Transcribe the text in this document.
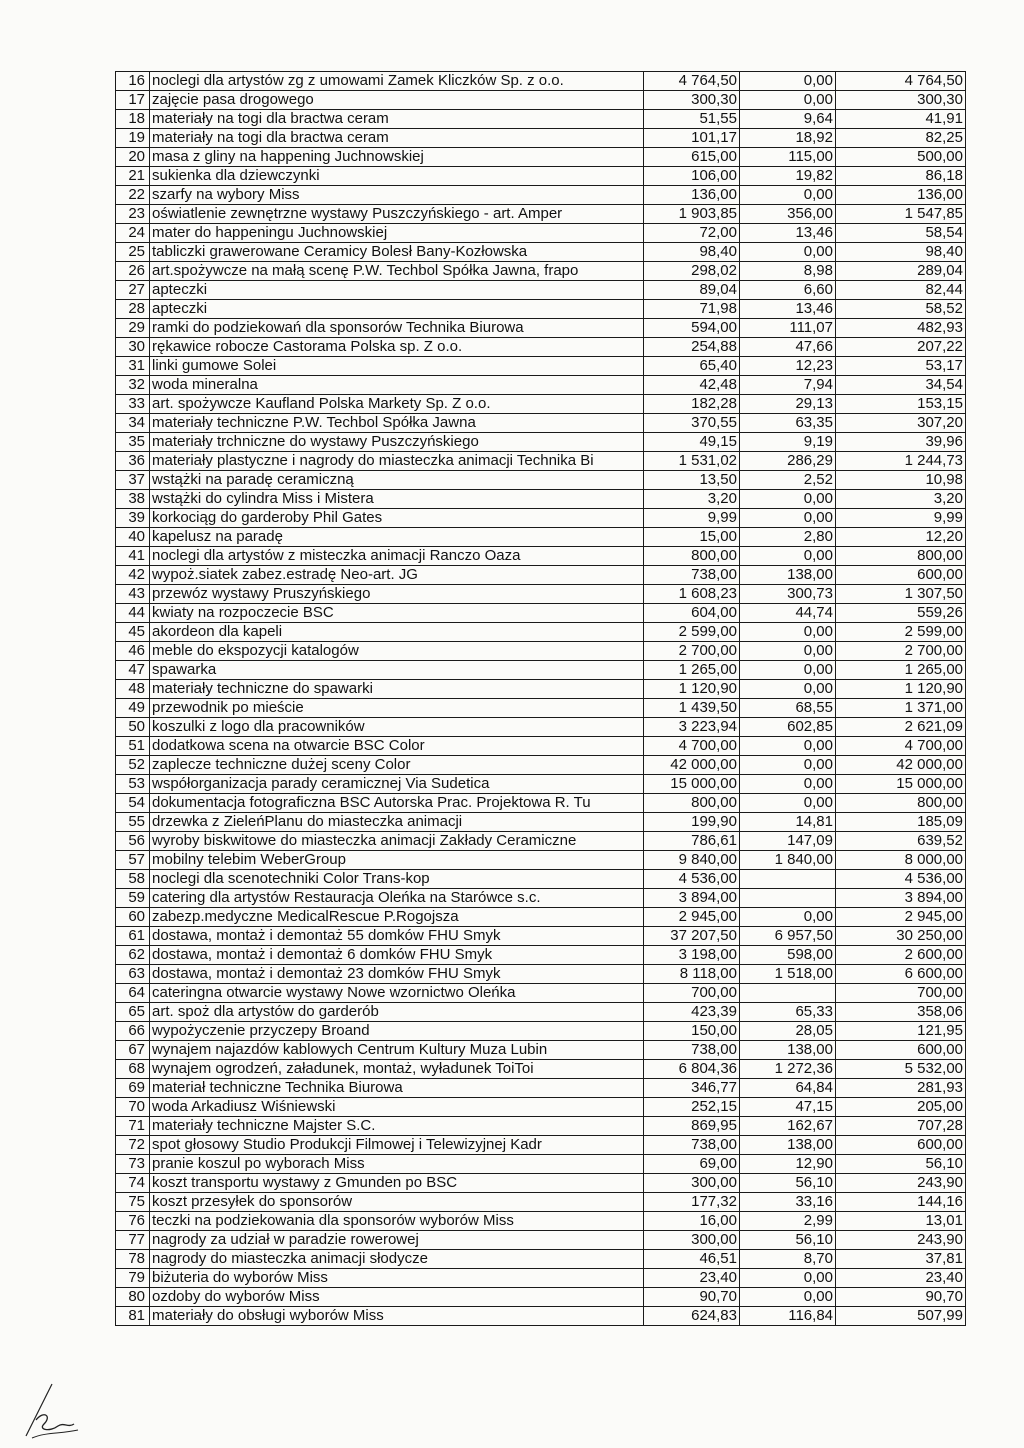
16	noclegi dla artystów zg z umowami Zamek Kliczków Sp. z o.o.	4 764,50	0,00	4 764,50
17	zajęcie pasa drogowego	300,30	0,00	300,30
18	materiały na togi dla bractwa ceram	51,55	9,64	41,91
19	materiały na togi dla bractwa ceram	101,17	18,92	82,25
20	masa z gliny na happening Juchnowskiej	615,00	115,00	500,00
21	sukienka dla dziewczynki	106,00	19,82	86,18
22	szarfy na wybory Miss	136,00	0,00	136,00
23	oświatlenie zewnętrzne wystawy Puszczyńskiego - art. Amper	1 903,85	356,00	1 547,85
24	mater do happeningu Juchnowskiej	72,00	13,46	58,54
25	tabliczki grawerowane Ceramicy Bolesł Bany-Kozłowska	98,40	0,00	98,40
26	art.spożywcze na małą scenę P.W. Techbol Spółka Jawna, frapo	298,02	8,98	289,04
27	apteczki	89,04	6,60	82,44
28	apteczki	71,98	13,46	58,52
29	ramki do podziekowań dla sponsorów Technika Biurowa	594,00	111,07	482,93
30	rękawice robocze Castorama Polska sp. Z o.o.	254,88	47,66	207,22
31	linki gumowe Solei	65,40	12,23	53,17
32	woda mineralna	42,48	7,94	34,54
33	art. spożywcze Kaufland Polska Markety Sp. Z o.o.	182,28	29,13	153,15
34	materiały techniczne P.W. Techbol Spółka Jawna	370,55	63,35	307,20
35	materiały trchniczne do wystawy Puszczyńskiego	49,15	9,19	39,96
36	materiały plastyczne i nagrody do miasteczka animacji Technika Bi	1 531,02	286,29	1 244,73
37	wstążki na paradę ceramiczną	13,50	2,52	10,98
38	wstążki do cylindra Miss i Mistera	3,20	0,00	3,20
39	korkociąg do garderoby Phil Gates	9,99	0,00	9,99
40	kapelusz na paradę	15,00	2,80	12,20
41	noclegi dla artystów z misteczka animacji Ranczo Oaza	800,00	0,00	800,00
42	wypoż.siatek zabez.estradę Neo-art. JG	738,00	138,00	600,00
43	przewóz wystawy Pruszyńskiego	1 608,23	300,73	1 307,50
44	kwiaty na rozpoczecie BSC	604,00	44,74	559,26
45	akordeon dla kapeli	2 599,00	0,00	2 599,00
46	meble do ekspozycji katalogów	2 700,00	0,00	2 700,00
47	spawarka	1 265,00	0,00	1 265,00
48	materiały techniczne do spawarki	1 120,90	0,00	1 120,90
49	przewodnik po mieście	1 439,50	68,55	1 371,00
50	koszulki z logo dla pracowników	3 223,94	602,85	2 621,09
51	dodatkowa scena na otwarcie BSC Color	4 700,00	0,00	4 700,00
52	zaplecze techniczne dużej sceny Color	42 000,00	0,00	42 000,00
53	współorganizacja parady ceramicznej Via Sudetica	15 000,00	0,00	15 000,00
54	dokumentacja fotograficzna BSC Autorska Prac. Projektowa R. Tu	800,00	0,00	800,00
55	drzewka z ZieleńPlanu do miasteczka animacji	199,90	14,81	185,09
56	wyroby biskwitowe do miasteczka animacji Zakłady Ceramiczne	786,61	147,09	639,52
57	mobilny telebim WeberGroup	9 840,00	1 840,00	8 000,00
58	noclegi dla scenotechniki Color Trans-kop	4 536,00		4 536,00
59	catering dla artystów Restauracja Oleńka na Starówce s.c.	3 894,00		3 894,00
60	zabezp.medyczne MedicalRescue P.Rogojsza	2 945,00	0,00	2 945,00
61	dostawa, montaż i demontaż 55 domków FHU Smyk	37 207,50	6 957,50	30 250,00
62	dostawa, montaż i demontaż 6 domków FHU Smyk	3 198,00	598,00	2 600,00
63	dostawa, montaż i demontaż 23 domków FHU Smyk	8 118,00	1 518,00	6 600,00
64	cateringna otwarcie wystawy Nowe wzornictwo Oleńka	700,00		700,00
65	art. spoż dla artystów do garderób	423,39	65,33	358,06
66	wypożyczenie przyczepy Broand	150,00	28,05	121,95
67	wynajem najazdów kablowych Centrum Kultury Muza Lubin	738,00	138,00	600,00
68	wynajem ogrodzeń, załadunek, montaż, wyładunek ToiToi	6 804,36	1 272,36	5 532,00
69	materiał techniczne Technika Biurowa	346,77	64,84	281,93
70	woda Arkadiusz Wiśniewski	252,15	47,15	205,00
71	materiały techniczne Majster S.C.	869,95	162,67	707,28
72	spot głosowy Studio Produkcji Filmowej i Telewizyjnej Kadr	738,00	138,00	600,00
73	pranie koszul po wyborach Miss	69,00	12,90	56,10
74	koszt transportu wystawy z Gmunden po BSC	300,00	56,10	243,90
75	koszt przesyłek do sponsorów	177,32	33,16	144,16
76	teczki na podziekowania dla sponsorów wyborów Miss	16,00	2,99	13,01
77	nagrody za udział w paradzie rowerowej	300,00	56,10	243,90
78	nagrody do miasteczka animacji słodycze	46,51	8,70	37,81
79	biżuteria do wyborów Miss	23,40	0,00	23,40
80	ozdoby do wyborów Miss	90,70	0,00	90,70
81	materiały do obsługi wyborów Miss	624,83	116,84	507,99
